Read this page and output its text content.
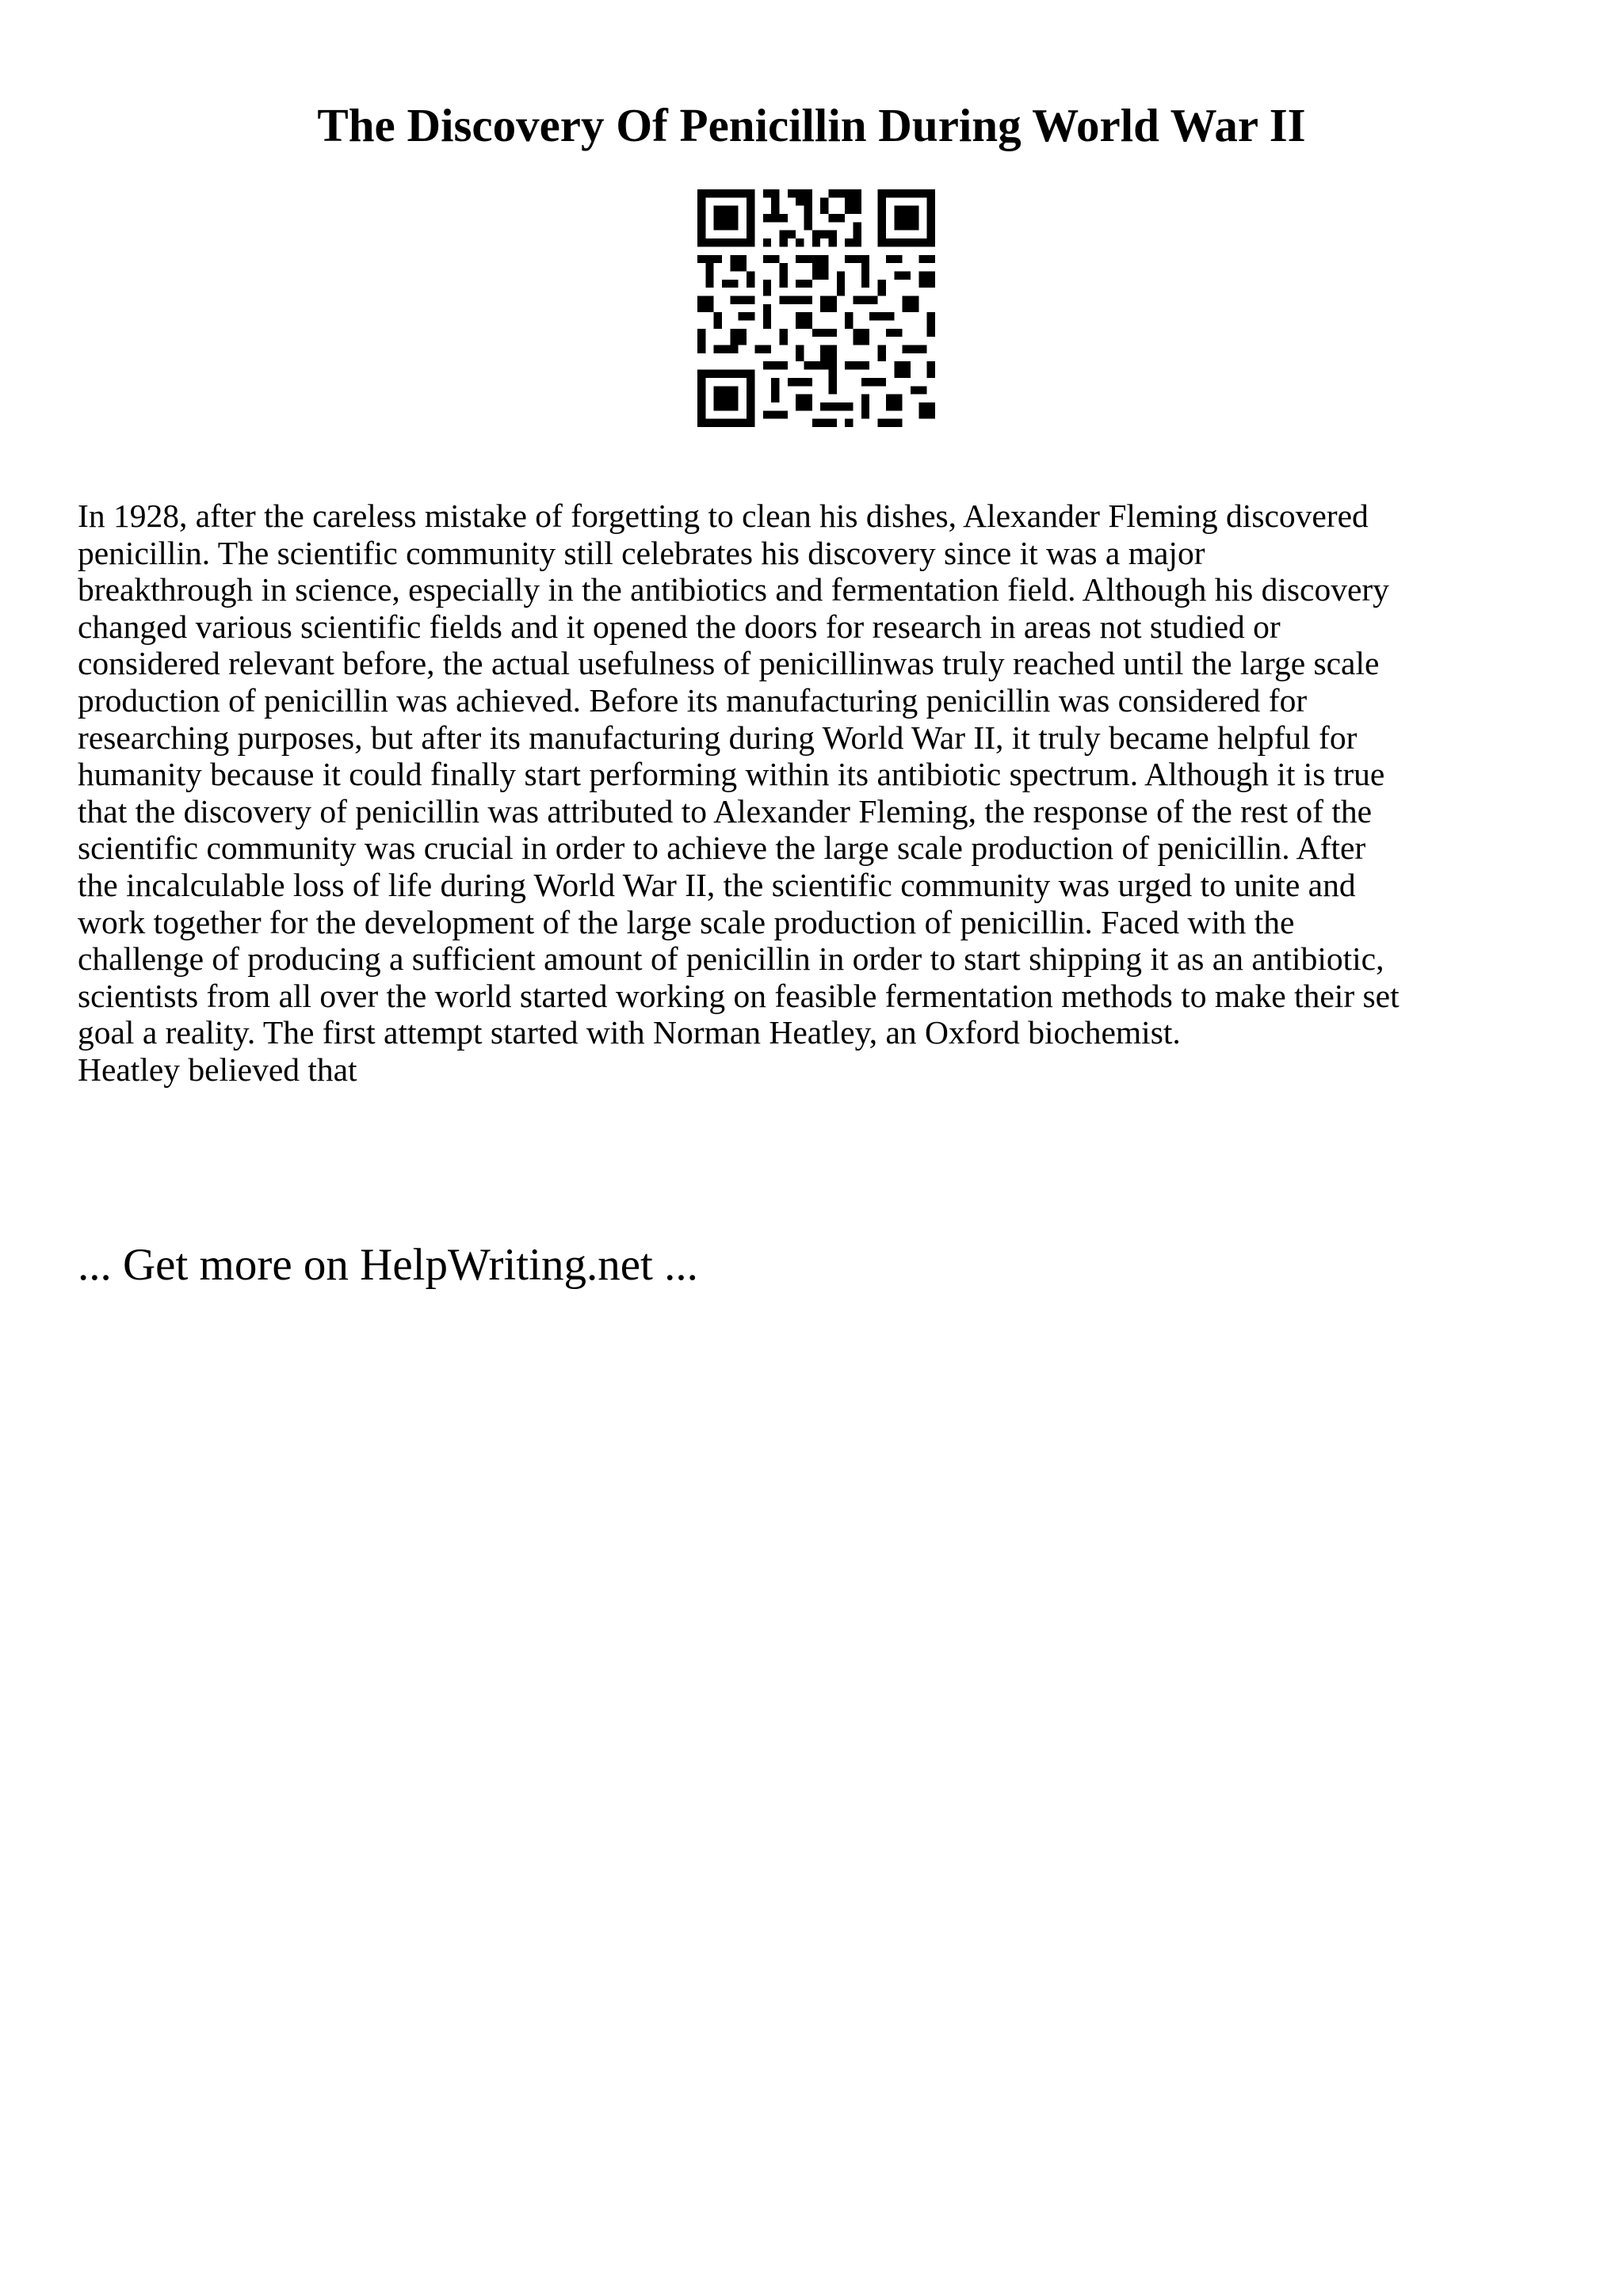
The Discovery Of Penicillin During World War II

In 1928, after the careless mistake of forgetting to clean his dishes, Alexander Fleming discovered
penicillin. The scientific community still celebrates his discovery since it was a major
breakthrough in science, especially in the antibiotics and fermentation field. Although his discovery
changed various scientific fields and it opened the doors for research in areas not studied or
considered relevant before, the actual usefulness of penicillinwas truly reached until the large scale
production of penicillin was achieved. Before its manufacturing penicillin was considered for
researching purposes, but after its manufacturing during World War II, it truly became helpful for
humanity because it could finally start performing within its antibiotic spectrum. Although it is true
that the discovery of penicillin was attributed to Alexander Fleming, the response of the rest of the
scientific community was crucial in order to achieve the large scale production of penicillin. After
the incalculable loss of life during World War II, the scientific community was urged to unite and
work together for the development of the large scale production of penicillin. Faced with the
challenge of producing a sufficient amount of penicillin in order to start shipping it as an antibiotic,
scientists from all over the world started working on feasible fermentation methods to make their set
goal a reality. The first attempt started with Norman Heatley, an Oxford biochemist.
Heatley believed that

... Get more on HelpWriting.net ...
